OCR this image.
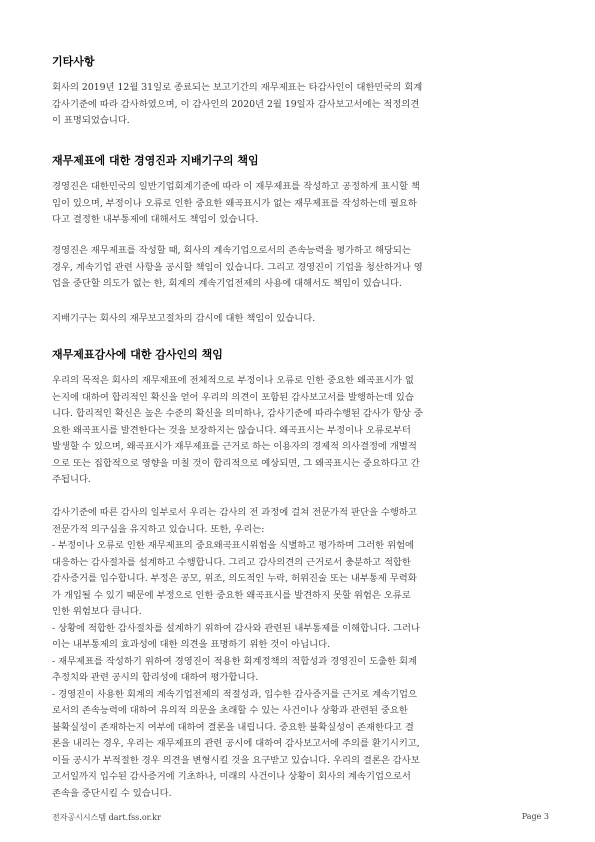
기타사항

회사의 2019년 12월 31일로 종료되는 보고기간의 재무제표는 타감사인이 대한민국의 회계
감사기준에 따라 감사하였으며, 이 감사인의 2020년 2월 19일자 감사보고서에는 적정의견
이 표명되었습니다.

재무제표에 대한 경영진과 지배기구의 책임

경영진은 대한민국의 일반기업회계기준에 따라 이 재무제표를 작성하고 공정하게 표시할 책
임이 있으며, 부정이나 오류로 인한 중요한 왜곡표시가 없는 재무제표를 작성하는데 필요하
다고 결정한 내부통제에 대해서도 책임이 있습니다.

경영진은 재무제표를 작성할 때, 회사의 계속기업으로서의 존속능력을 평가하고 해당되는
경우, 계속기업 관련 사항을 공시할 책임이 있습니다. 그리고 경영진이 기업을 청산하거나 영
업을 중단할 의도가 없는 한, 회계의 계속기업전제의 사용에 대해서도 책임이 있습니다.

지배기구는 회사의 재무보고절차의 감시에 대한 책임이 있습니다.

재무제표감사에 대한 감사인의 책임

우리의 목적은 회사의 재무제표에 전체적으로 부정이나 오류로 인한 중요한 왜곡표시가 없
는지에 대하여 합리적인 확신을 얻어 우리의 의견이 포함된 감사보고서를 발행하는데 있습
니다. 합리적인 확신은 높은 수준의 확신을 의미하나, 감사기준에 따라수행된 감사가 항상 중
요한 왜곡표시를 발견한다는 것을 보장하지는 않습니다. 왜곡표시는 부정이나 오류로부터
발생할 수 있으며, 왜곡표시가 재무제표를 근거로 하는 이용자의 경제적 의사결정에 개별적
으로 또는 집합적으로 영향을 미칠 것이 합리적으로 예상되면, 그 왜곡표시는 중요하다고 간
주됩니다.

감사기준에 따른 감사의 일부로서 우리는 감사의 전 과정에 걸쳐 전문가적 판단을 수행하고
전문가적 의구심을 유지하고 있습니다. 또한, 우리는:
- 부정이나 오류로 인한 재무제표의 중요왜곡표시위험을 식별하고 평가하며 그러한 위험에
대응하는 감사절차를 설계하고 수행합니다. 그리고 감사의견의 근거로서 충분하고 적합한
감사증거를 입수합니다. 부정은 공모, 위조, 의도적인 누락, 허위진술 또는 내부통제 무력화
가 개입될 수 있기 때문에 부정으로 인한 중요한 왜곡표시를 발견하지 못할 위험은 오류로
인한 위험보다 큽니다.
- 상황에 적합한 감사절차를 설계하기 위하여 감사와 관련된 내부통제를 이해합니다. 그러나
이는 내부통제의 효과성에 대한 의견을 표명하기 위한 것이 아닙니다.
- 재무제표를 작성하기 위하여 경영진이 적용한 회계정책의 적합성과 경영진이 도출한 회계
추정치와 관련 공시의 합리성에 대하여 평가합니다.
- 경영진이 사용한 회계의 계속기업전제의 적절성과, 입수한 감사증거를 근거로 계속기업으
로서의 존속능력에 대하여 유의적 의문을 초래할 수 있는 사건이나 상황과 관련된 중요한
불확실성이 존재하는지 여부에 대하여 결론을 내립니다. 중요한 불확실성이 존재한다고 결
론을 내리는 경우, 우리는 재무제표의 관련 공시에 대하여 감사보고서에 주의를 환기시키고,
이들 공시가 부적절한 경우 의견을 변형시킬 것을 요구받고 있습니다. 우리의 결론은 감사보
고서일까지 입수된 감사증거에 기초하나, 미래의 사건이나 상황이 회사의 계속기업으로서
존속을 중단시킬 수 있습니다.

전자공시시스템 dart.fss.or.kr	Page 3
